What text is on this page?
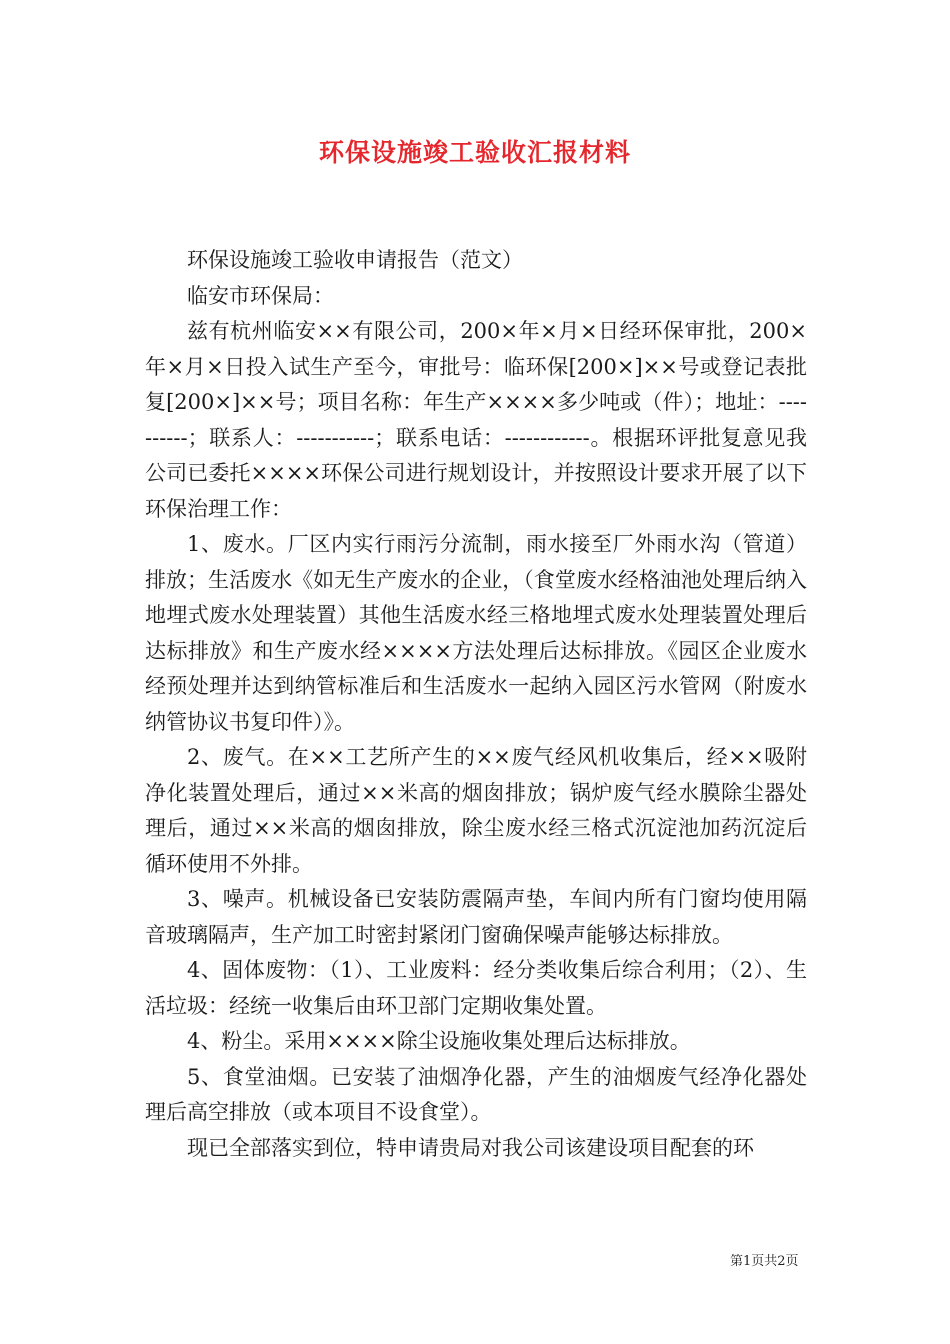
环保设施竣工验收汇报材料

环保设施竣工验收申请报告（范文）

临安市环保局：

兹有杭州临安××有限公司，200×年×月×日经环保审批，200×年×月×日投入试生产至今，审批号：临环保[200×]××号或登记表批复[200×]××号；项目名称：年生产××××多少吨或（件）；地址：----------；联系人：-----------；联系电话：------------。根据环评批复意见我公司已委托××××环保公司进行规划设计，并按照设计要求开展了以下环保治理工作：

1、废水。厂区内实行雨污分流制，雨水接至厂外雨水沟（管道）排放；生活废水《如无生产废水的企业，（食堂废水经格油池处理后纳入地埋式废水处理装置）其他生活废水经三格地埋式废水处理装置处理后达标排放》和生产废水经××××方法处理后达标排放。《园区企业废水经预处理并达到纳管标准后和生活废水一起纳入园区污水管网（附废水纳管协议书复印件）》。

2、废气。在××工艺所产生的××废气经风机收集后，经××吸附净化装置处理后，通过××米高的烟囱排放；锅炉废气经水膜除尘器处理后，通过××米高的烟囱排放，除尘废水经三格式沉淀池加药沉淀后循环使用不外排。

3、噪声。机械设备已安装防震隔声垫，车间内所有门窗均使用隔音玻璃隔声，生产加工时密封紧闭门窗确保噪声能够达标排放。

4、固体废物：（1）、工业废料：经分类收集后综合利用；（2）、生活垃圾：经统一收集后由环卫部门定期收集处置。

4、粉尘。采用××××除尘设施收集处理后达标排放。

5、食堂油烟。已安装了油烟净化器，产生的油烟废气经净化器处理后高空排放（或本项目不设食堂）。

现已全部落实到位，特申请贵局对我公司该建设项目配套的环

第1页共2页
